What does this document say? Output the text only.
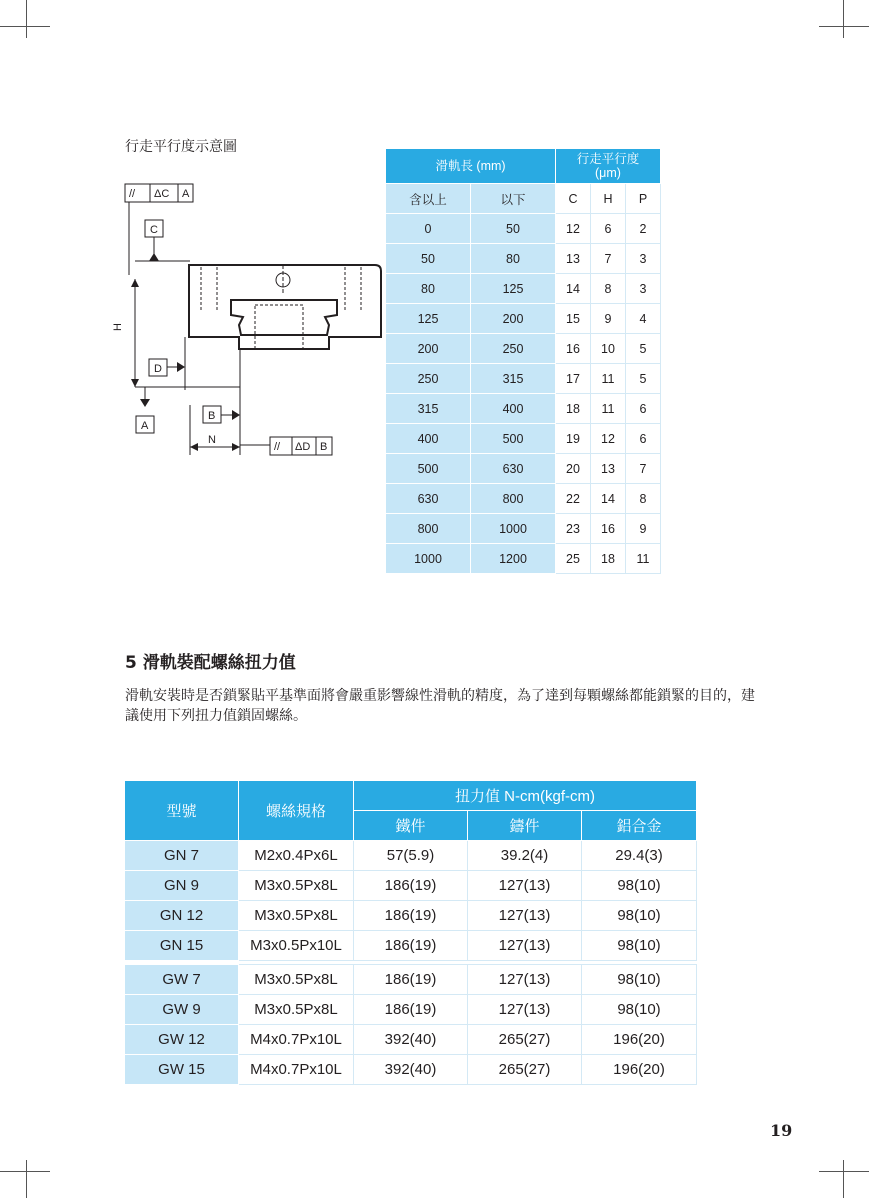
行走平行度示意圖
// ΔC A
C
H
D
A
B
N
// ΔD B
滑軌長 (mm)		行走平行度
(μm)		
含以上	以下	C	H	P
0	50	12	6	2
50	80	13	7	3
80	125	14	8	3
125	200	15	9	4
200	250	16	10	5
250	315	17	11	5
315	400	18	11	6
400	500	19	12	6
500	630	20	13	7
630	800	22	14	8
800	1000	23	16	9
1000	1200	25	18	11
5 滑軌裝配螺絲扭力值
滑軌安裝時是否鎖緊貼平基準面將會嚴重影響線性滑軌的精度，為了達到每顆螺絲都能鎖緊的目的，建議使用下列扭力值鎖固螺絲。
型號	螺絲規格	扭力值 N-cm(kgf-cm)		
		鐵件	鑄件	鋁合金
GN 7	M2x0.4Px6L	57(5.9)	39.2(4)	29.4(3)
GN 9	M3x0.5Px8L	186(19)	127(13)	98(10)
GN 12	M3x0.5Px8L	186(19)	127(13)	98(10)
GN 15	M3x0.5Px10L	186(19)	127(13)	98(10)

GW 7	M3x0.5Px8L	186(19)	127(13)	98(10)
GW 9	M3x0.5Px8L	186(19)	127(13)	98(10)
GW 12	M4x0.7Px10L	392(40)	265(27)	196(20)
GW 15	M4x0.7Px10L	392(40)	265(27)	196(20)
19
